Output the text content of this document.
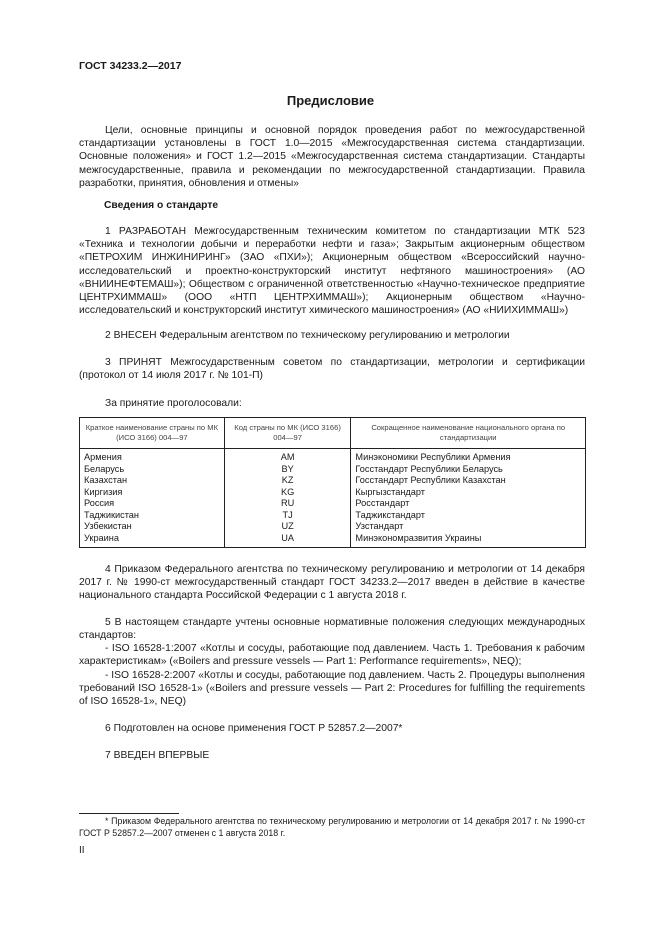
ГОСТ 34233.2—2017
Предисловие
Цели, основные принципы и основной порядок проведения работ по межгосударственной стандартизации установлены в ГОСТ 1.0—2015 «Межгосударственная система стандартизации. Основные положения» и ГОСТ 1.2—2015 «Межгосударственная система стандартизации. Стандарты межгосударственные, правила и рекомендации по межгосударственной стандартизации. Правила разработки, принятия, обновления и отмены»
Сведения о стандарте
1 РАЗРАБОТАН Межгосударственным техническим комитетом по стандартизации МТК 523 «Техника и технологии добычи и переработки нефти и газа»; Закрытым акционерным обществом «ПЕТРОХИМ ИНЖИНИРИНГ» (ЗАО «ПХИ»); Акционерным обществом «Всероссийский научно-исследовательский и проектно-конструкторский институт нефтяного машиностроения» (АО «ВНИИНЕФТЕМАШ»); Обществом с ограниченной ответственностью «Научно-техническое предприятие ЦЕНТРХИММАШ» (ООО «НТП ЦЕНТРХИММАШ»); Акционерным обществом «Научно-исследовательский и конструкторский институт химического машиностроения» (АО «НИИХИММАШ»)
2 ВНЕСЕН Федеральным агентством по техническому регулированию и метрологии
3 ПРИНЯТ Межгосударственным советом по стандартизации, метрологии и сертификации (протокол от 14 июля 2017 г. № 101-П)
За принятие проголосовали:
Краткое наименование страны по МК (ИСО 3166) 004—97	Код страны по МК (ИСО 3166) 004—97	Сокращенное наименование национального органа по стандартизации
Армения	AM	Минэкономики Республики Армения
Беларусь	BY	Госстандарт Республики Беларусь
Казахстан	KZ	Госстандарт Республики Казахстан
Киргизия	KG	Кыргызстандарт
Россия	RU	Росстандарт
Таджикистан	TJ	Таджикстандарт
Узбекистан	UZ	Узстандарт
Украина	UA	Минэкономразвития Украины
4 Приказом Федерального агентства по техническому регулированию и метрологии от 14 декабря 2017 г. № 1990-ст межгосударственный стандарт ГОСТ 34233.2—2017 введен в действие в качестве национального стандарта Российской Федерации с 1 августа 2018 г.
5 В настоящем стандарте учтены основные нормативные положения следующих международных стандартов:
- ISO 16528-1:2007 «Котлы и сосуды, работающие под давлением. Часть 1. Требования к рабочим характеристикам» («Boilers and pressure vessels — Part 1: Performance requirements», NEQ);
- ISO 16528-2:2007 «Котлы и сосуды, работающие под давлением. Часть 2. Процедуры выполнения требований ISO 16528-1» («Boilers and pressure vessels — Part 2: Procedures for fulfilling the requirements of ISO 16528-1», NEQ)
6 Подготовлен на основе применения ГОСТ Р 52857.2—2007*
7 ВВЕДЕН ВПЕРВЫЕ
* Приказом Федерального агентства по техническому регулированию и метрологии от 14 декабря 2017 г. № 1990-ст ГОСТ Р 52857.2—2007 отменен с 1 августа 2018 г.
II
